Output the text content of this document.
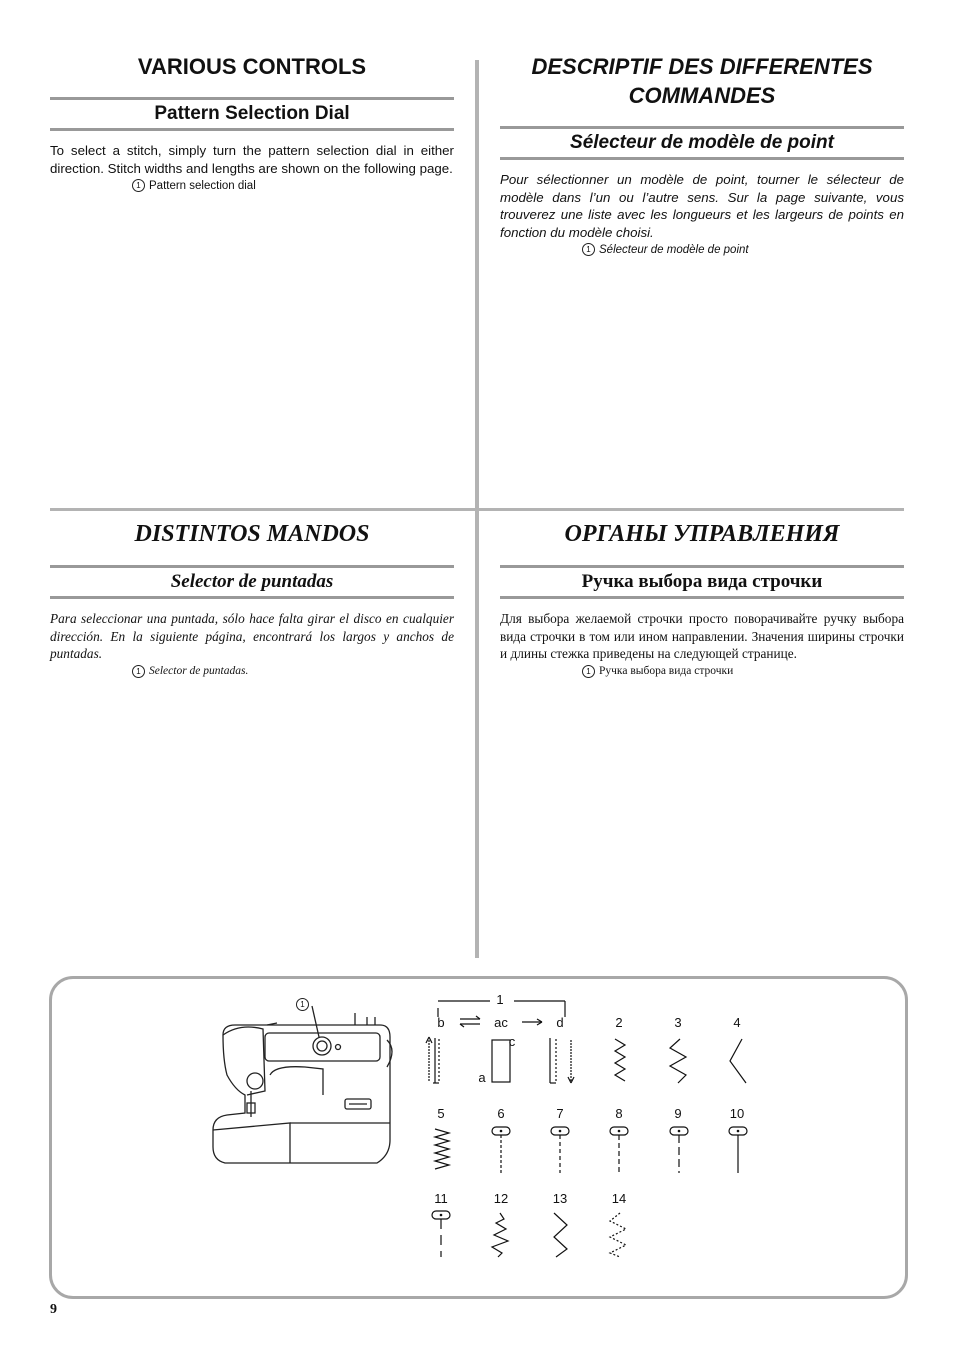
VARIOUS CONTROLS
Pattern Selection Dial

To select a stitch, simply turn the pattern selection dial in either direction. Stitch widths and lengths are shown on the following page.

1 Pattern selection dial
DESCRIPTIF DES DIFFERENTES
COMMANDES
Sélecteur de modèle de point

Pour sélectionner un modèle de point, tourner le sélecteur de modèle dans l’un ou l’autre sens. Sur la page suivante, vous trouverez une liste avec les longueurs et les largeurs de points en fonction du modèle choisi.

1 Sélecteur de modèle de point
DISTINTOS MANDOS
Selector de puntadas

Para seleccionar una puntada, sólo hace falta girar el disco en cualquier dirección. En la siguiente página, encontrará los largos y anchos de puntadas.

1 Selector de puntadas.
ОРГАНЫ УПРАВЛЕНИЯ
Ручка выбора вида строчки

Для выбора желаемой строчки просто поворачивайте ручку выбора вида строчки в том или ином направлении. Значения ширины строчки и длины стежка приведены на следующей странице.

1 Ручка выбора вида строчки
1	1
b	ac	d
c
a
2	3	4
5	6	7	8	9	10
11	12	13	14
9
